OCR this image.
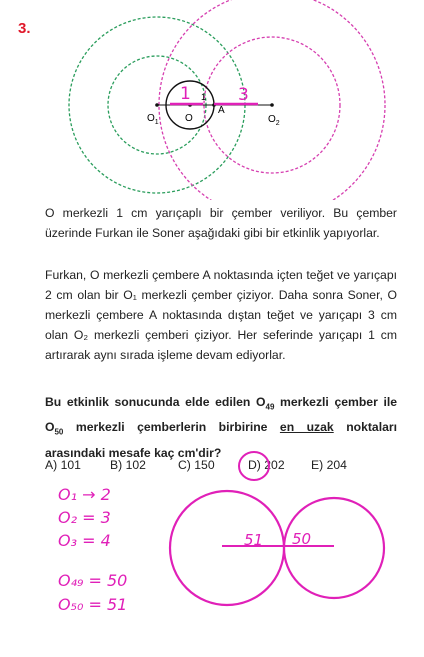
3.
$O_1$	O
A
$O_2$
1
1	3

O merkezli 1 cm yarıçaplı bir çember veriliyor. Bu çember üzerinde Furkan ile Soner aşağıdaki gibi bir etkinlik yapıyorlar.

Furkan, O merkezli çembere A noktasında içten teğet ve yarıçapı 2 cm olan bir O₁ merkezli çember çiziyor. Daha sonra Soner, O merkezli çembere A noktasında dıştan teğet ve yarıçapı 3 cm olan O₂ merkezli çemberi çiziyor. Her seferinde yarıçapı 1 cm artırarak aynı sırada işleme devam ediyorlar.

Bu etkinlik sonucunda elde edilen $O_{49}$ merkezli çember ile $O_{50}$ merkezli çemberlerin birbirine en uzak noktaları arasındaki mesafe kaç cm'dir?

A) 101 B) 102	C) 150	D) 202 E) 204
O₁ → 2
O₂ = 3
O₃ = 4
O₄₉ = 50
O₅₀ = 51
51 50
